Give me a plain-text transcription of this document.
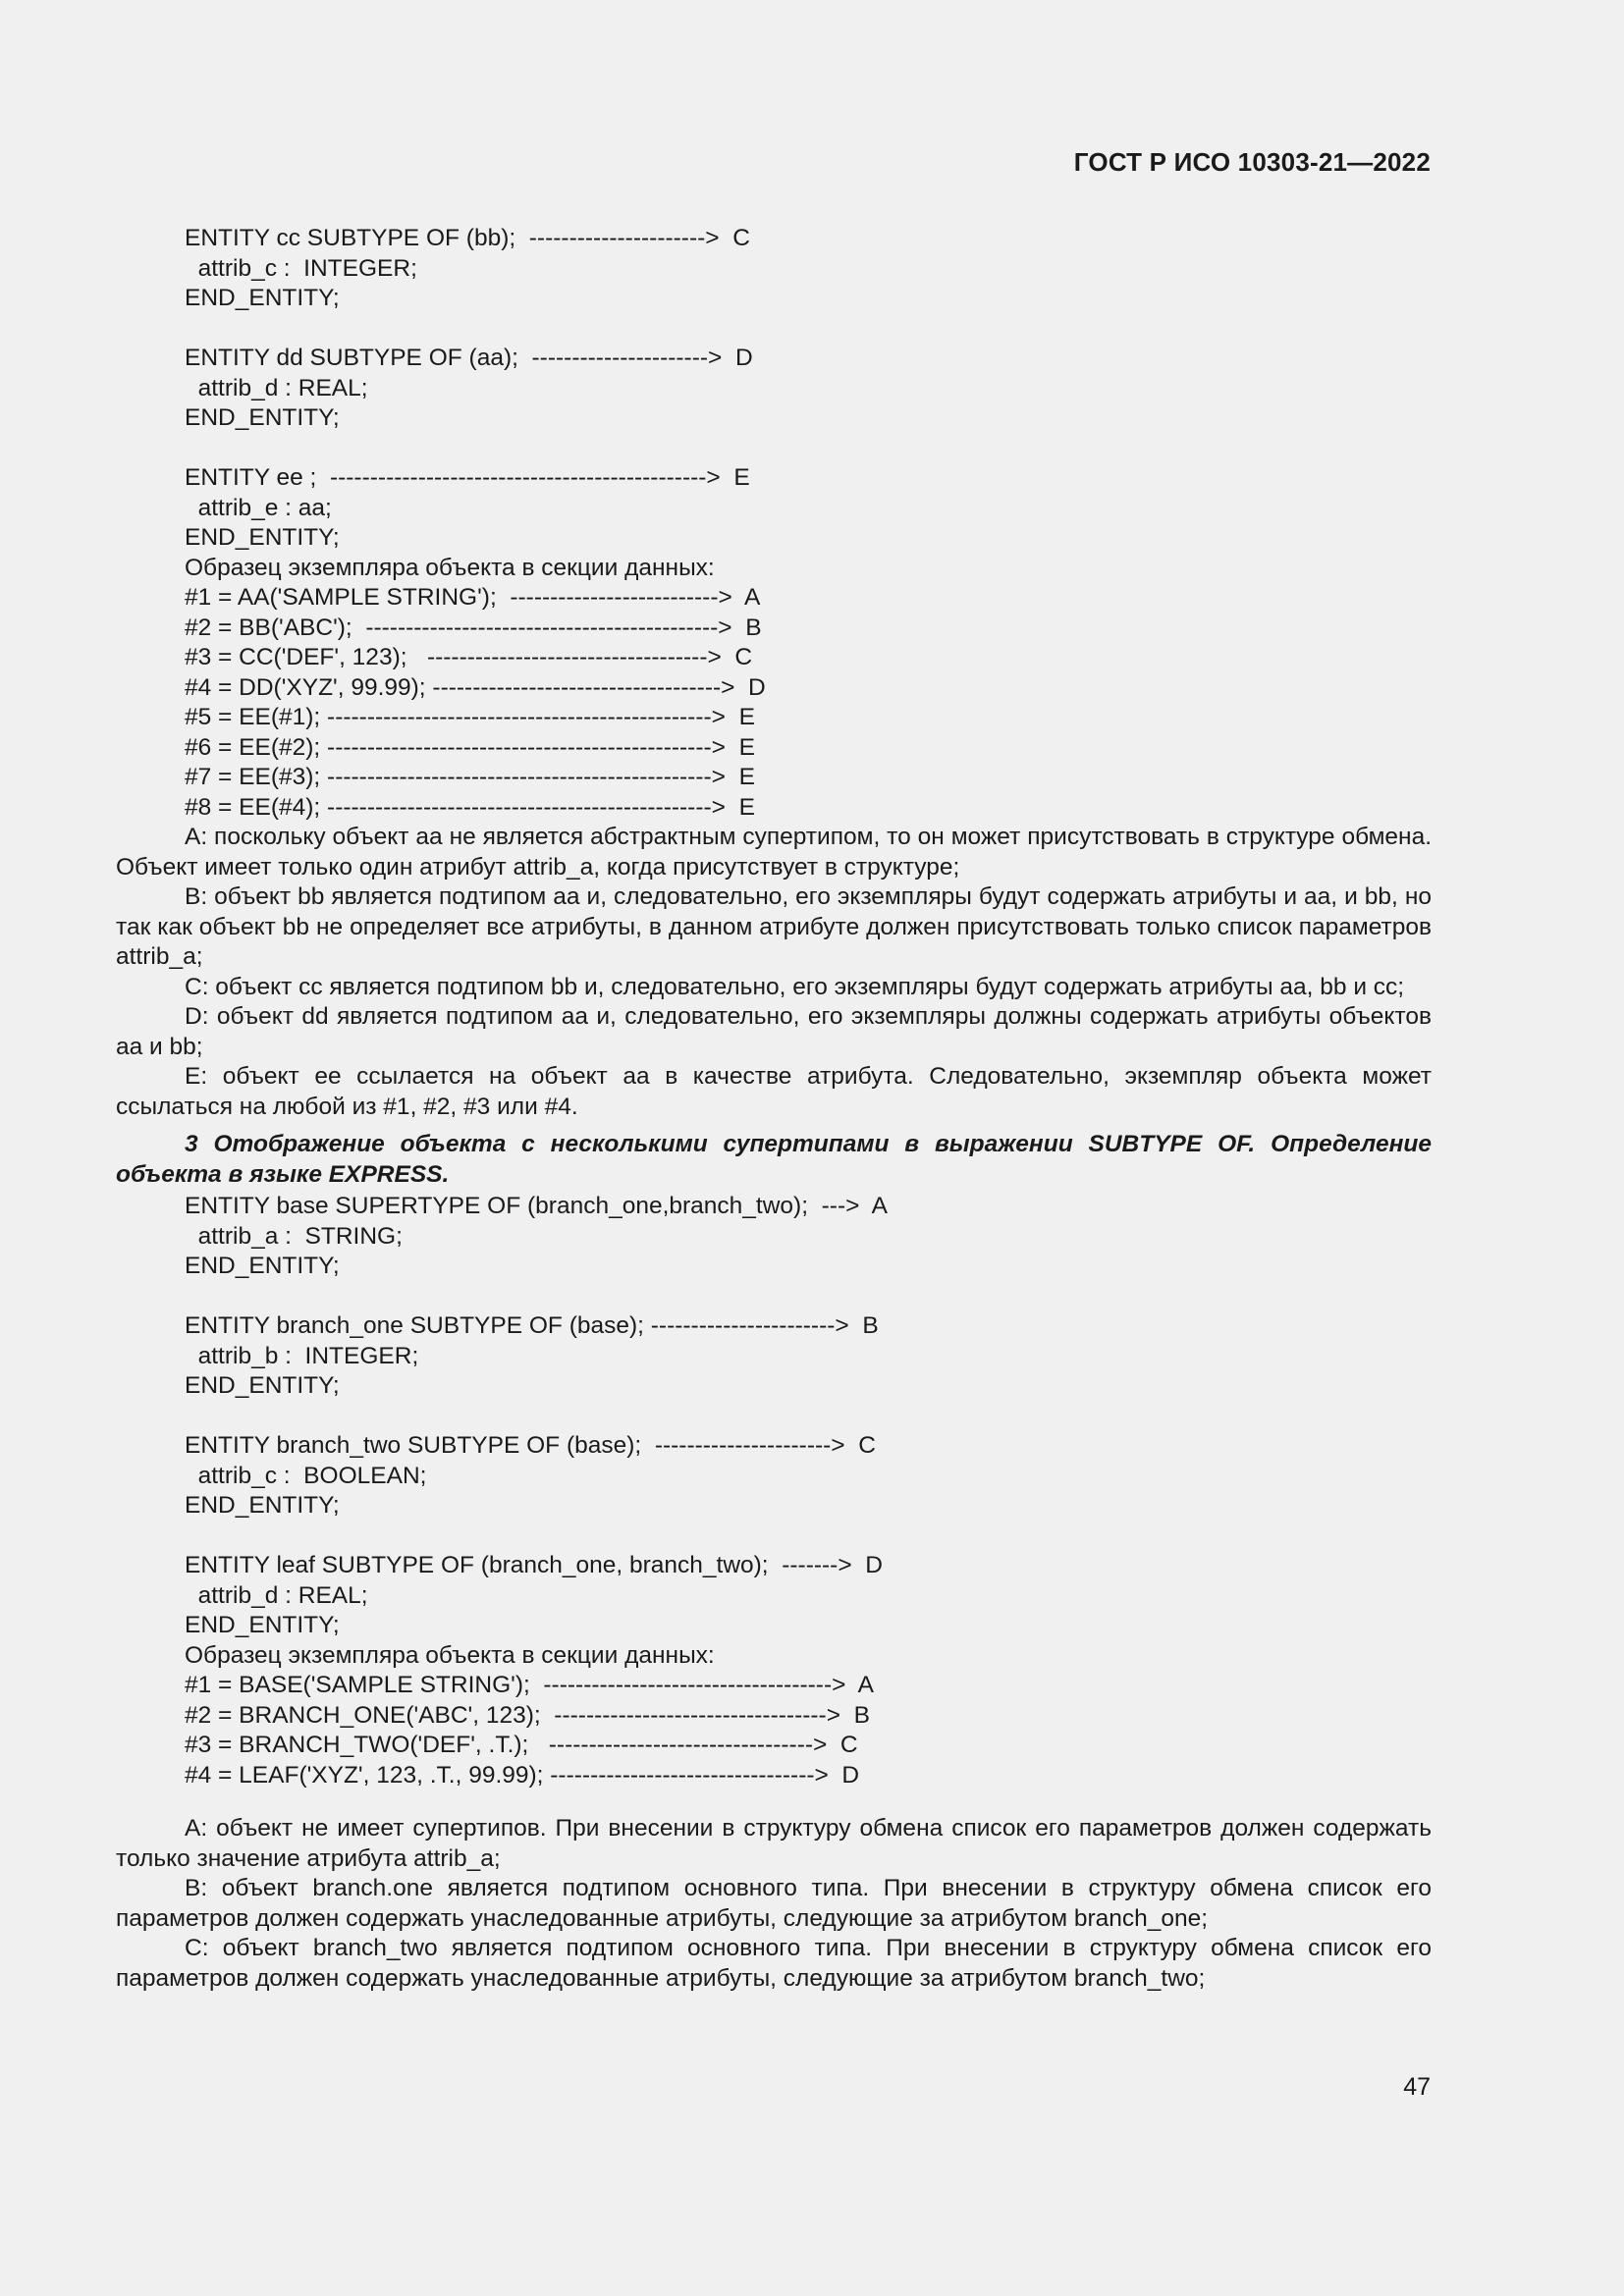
ГОСТ Р ИСО 10303-21—2022
ENTITY cc SUBTYPE OF (bb);  ---------------------->  C
attrib_c :  INTEGER;
END_ENTITY;
ENTITY dd SUBTYPE OF (aa);  ---------------------->  D
attrib_d : REAL;
END_ENTITY;
ENTITY ee ;  ----------------------------------------------->  E
attrib_e : aa;
END_ENTITY;
Образец экземпляра объекта в секции данных:
#1 = AA('SAMPLE STRING');  -------------------------->  A
#2 = BB('ABC');  -------------------------------------------->  B
#3 = CC('DEF', 123);   ----------------------------------->  C
#4 = DD('XYZ', 99.99); ------------------------------------>  D
#5 = EE(#1); ------------------------------------------------>  E
#6 = EE(#2); ------------------------------------------------>  E
#7 = EE(#3); ------------------------------------------------>  E
#8 = EE(#4); ------------------------------------------------>  E
A: поскольку объект аа не является абстрактным супертипом, то он может присутствовать в структуре обмена. Объект имеет только один атрибут attrib_a, когда присутствует в структуре;
B: объект bb является подтипом аа и, следовательно, его экземпляры будут содержать атрибуты и аа, и bb, но так как объект bb не определяет все атрибуты, в данном атрибуте должен присутствовать только список параметров attrib_a;
C: объект сс является подтипом bb и, следовательно, его экземпляры будут содержать атрибуты аа, bb и сс;
D: объект dd является подтипом аа и, следовательно, его экземпляры должны содержать атрибуты объектов аа и bb;
E: объект ее ссылается на объект аа в качестве атрибута. Следовательно, экземпляр объекта может ссылаться на любой из #1, #2, #3 или #4.
3 Отображение объекта с несколькими супертипами в выражении SUBTYPE OF. Определение объекта в языке EXPRESS.
ENTITY base SUPERTYPE OF (branch_one,branch_two);  --->  A
attrib_a :  STRING;
END_ENTITY;
ENTITY branch_one SUBTYPE OF (base); ----------------------->  B
attrib_b :  INTEGER;
END_ENTITY;
ENTITY branch_two SUBTYPE OF (base);  ---------------------->  C
attrib_c :  BOOLEAN;
END_ENTITY;
ENTITY leaf SUBTYPE OF (branch_one, branch_two);  ------->  D
attrib_d : REAL;
END_ENTITY;
Образец экземпляра объекта в секции данных:
#1 = BASE('SAMPLE STRING');  ------------------------------------>  A
#2 = BRANCH_ONE('ABC', 123);  ---------------------------------->  B
#3 = BRANCH_TWO('DEF', .T.);   --------------------------------->  C
#4 = LEAF('XYZ', 123, .T., 99.99); --------------------------------->  D
A: объект не имеет супертипов. При внесении в структуру обмена список его параметров должен содержать только значение атрибута attrib_a;
B: объект branch.one является подтипом основного типа. При внесении в структуру обмена список его параметров должен содержать унаследованные атрибуты, следующие за атрибутом branch_one;
C: объект branch_two является подтипом основного типа. При внесении в структуру обмена список его параметров должен содержать унаследованные атрибуты, следующие за атрибутом branch_two;
47
